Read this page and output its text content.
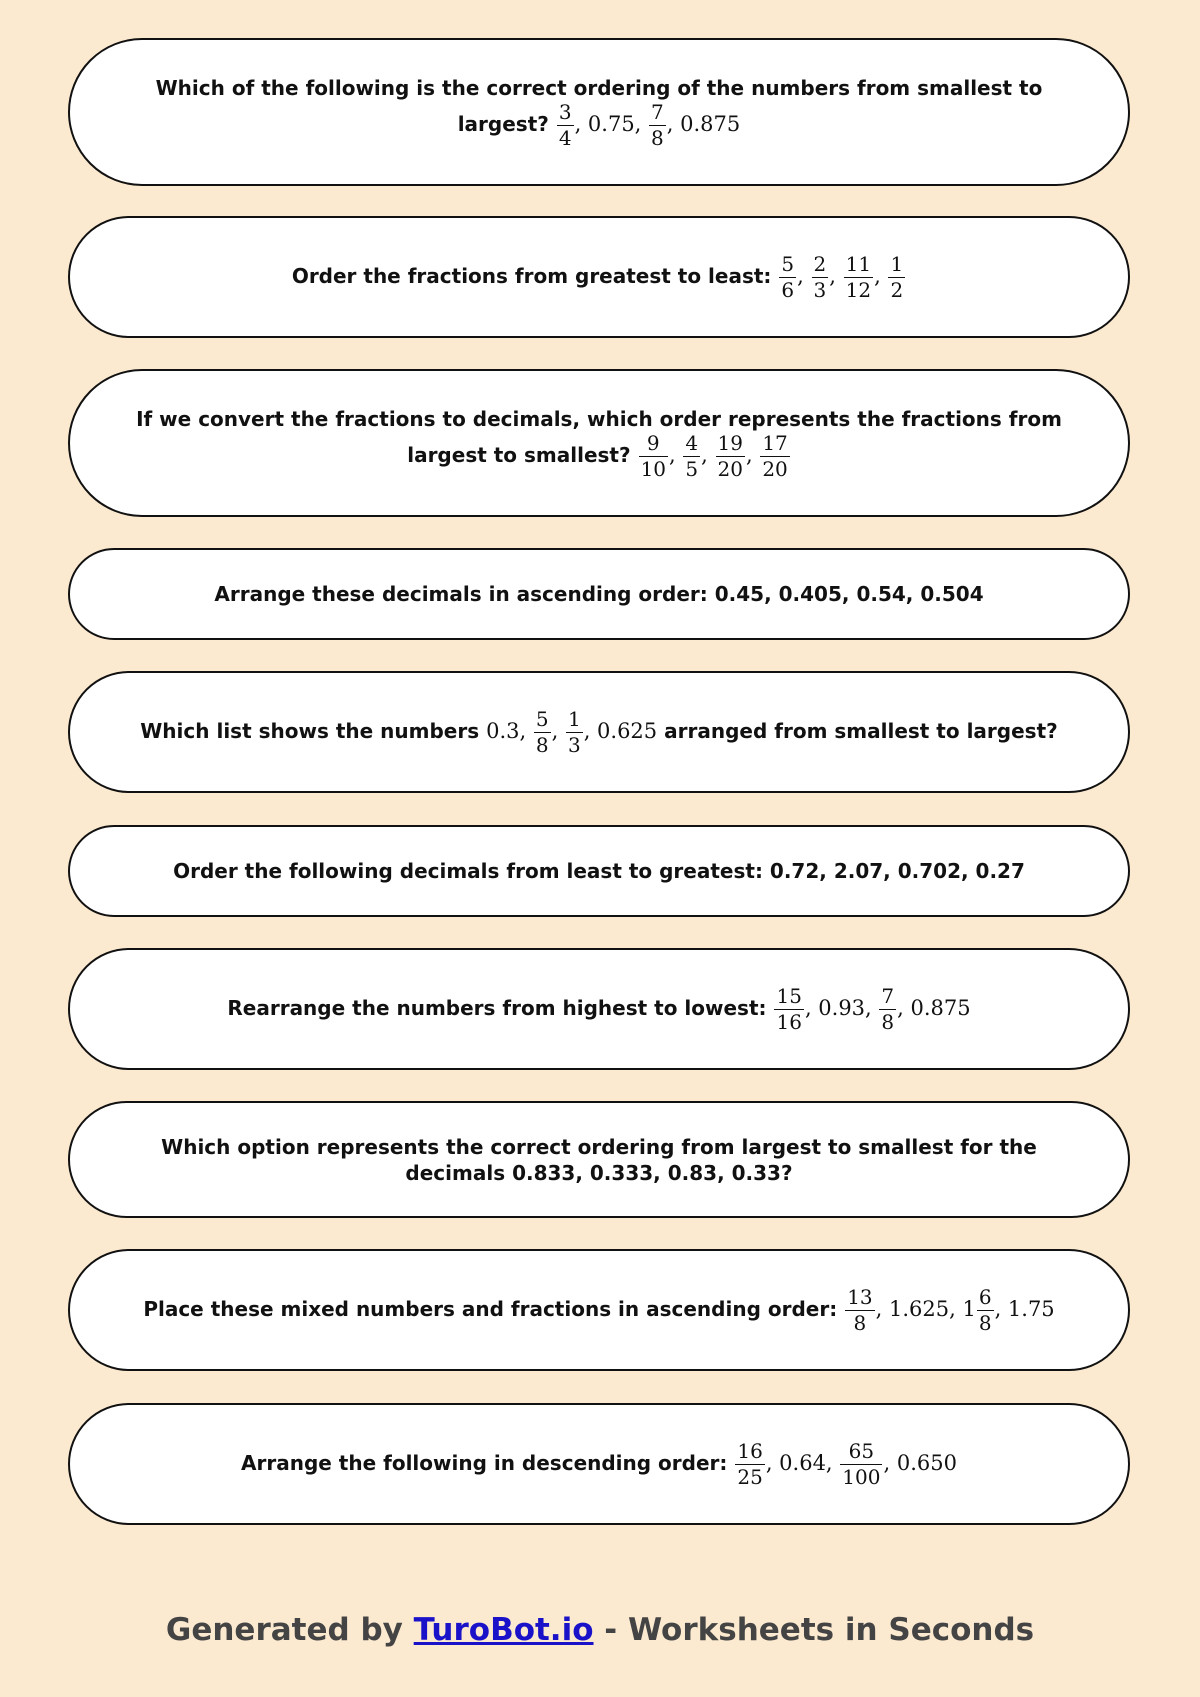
Which of the following is the correct ordering of the numbers from smallest to
largest? $\frac{3}{4}$ , 0.75, $\frac{7}{8}$ , 0.875
Order the fractions from greatest to least: $\frac{5}{6}$ , $\frac{2}{3}$ , $\frac{11}{12}$ , $\frac{1}{2}$
If we convert the fractions to decimals, which order represents the fractions from
largest to smallest? $\frac{9}{10}$ , $\frac{4}{5}$ , $\frac{19}{20}$ , $\frac{17}{20}$
Arrange these decimals in ascending order: 0.45, 0.405, 0.54, 0.504
Which list shows the numbers 0.3, $\frac{5}{8}$ , $\frac{1}{3}$ , 0.625 arranged from smallest to largest?
Order the following decimals from least to greatest: 0.72, 2.07, 0.702, 0.27
Rearrange the numbers from highest to lowest: $\frac{15}{16}$ , 0.93, $\frac{7}{8}$ , 0.875
Which option represents the correct ordering from largest to smallest for the
decimals 0.833, 0.333, 0.83, 0.33?
Place these mixed numbers and fractions in ascending order: $\frac{13}{8}$ , 1.625, $1 \frac{6}{8}$ , 1.75
Arrange the following in descending order: $\frac{16}{25}$ , 0.64, $\frac{65}{100}$ , 0.650
Generated by TuroBot.io - Worksheets in Seconds
